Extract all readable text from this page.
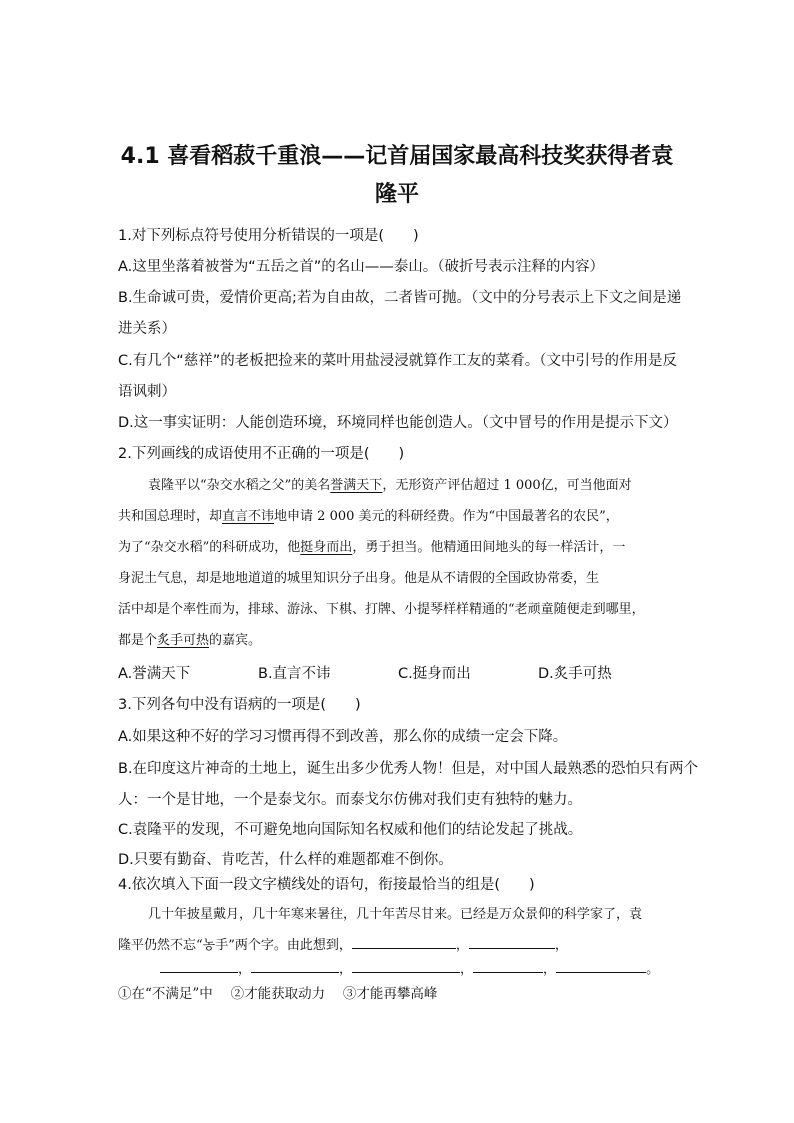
4.1 喜看稻菽千重浪——记首届国家最高科技奖获得者袁
隆平
1.对下列标点符号使用分析错误的一项是(　　)
A.这里坐落着被誉为“五岳之首”的名山——泰山。（破折号表示注释的内容）
B.生命诚可贵，爱情价更高;若为自由故，二者皆可抛。（文中的分号表示上下文之间是递
进关系）
C.有几个“慈祥”的老板把捡来的菜叶用盐浸浸就算作工友的菜肴。（文中引号的作用是反
语讽刺）
D.这一事实证明：人能创造环境，环境同样也能创造人。（文中冒号的作用是提示下文）
2.下列画线的成语使用不正确的一项是(　　)
袁隆平以“杂交水稻之父”的美名誉满天下，无形资产评估超过 1 000亿，可当他面对
共和国总理时，却直言不讳地申请 2 000 美元的科研经费。作为“中国最著名的农民”，
为了“杂交水稻”的科研成功，他挺身而出，勇于担当。他精通田间地头的每一样活计，一
身泥土气息，却是地地道道的城里知识分子出身。他是从不请假的全国政协常委，生
活中却是个率性而为，排球、游泳、下棋、打牌、小提琴样样精通的“老顽童随便走到哪里，
都是个炙手可热的嘉宾。
A.誉满天下	B.直言不讳	C.挺身而出	D.炙手可热
3.下列各句中没有语病的一项是(　　)
A.如果这种不好的学习习惯再得不到改善，那么你的成绩一定会下降。
B.在印度这片神奇的土地上，诞生出多少优秀人物！但是，对中国人最熟悉的恐怕只有两个
人：一个是甘地，一个是泰戈尔。而泰戈尔仿佛对我们吏有独特的魅力。
C.袁隆平的发现，不可避免地向国际知名权威和他们的结论发起了挑战。
D.只要有勤奋、肯吃苦，什么样的难题都难不倒你。
4.依次填入下面一段文字横线处的语句，衔接最恰当的组是(　　)
几十年披星戴月，几十年寒来暑往，几十年苦尽甘来。已经是万众景仰的科学家了，袁
隆平仍然不忘“농手”两个字。由此想到，	，	，
，	，	，	，	。
①在“不满足”中　 ②才能获取动力　 ③才能再攀高峰
